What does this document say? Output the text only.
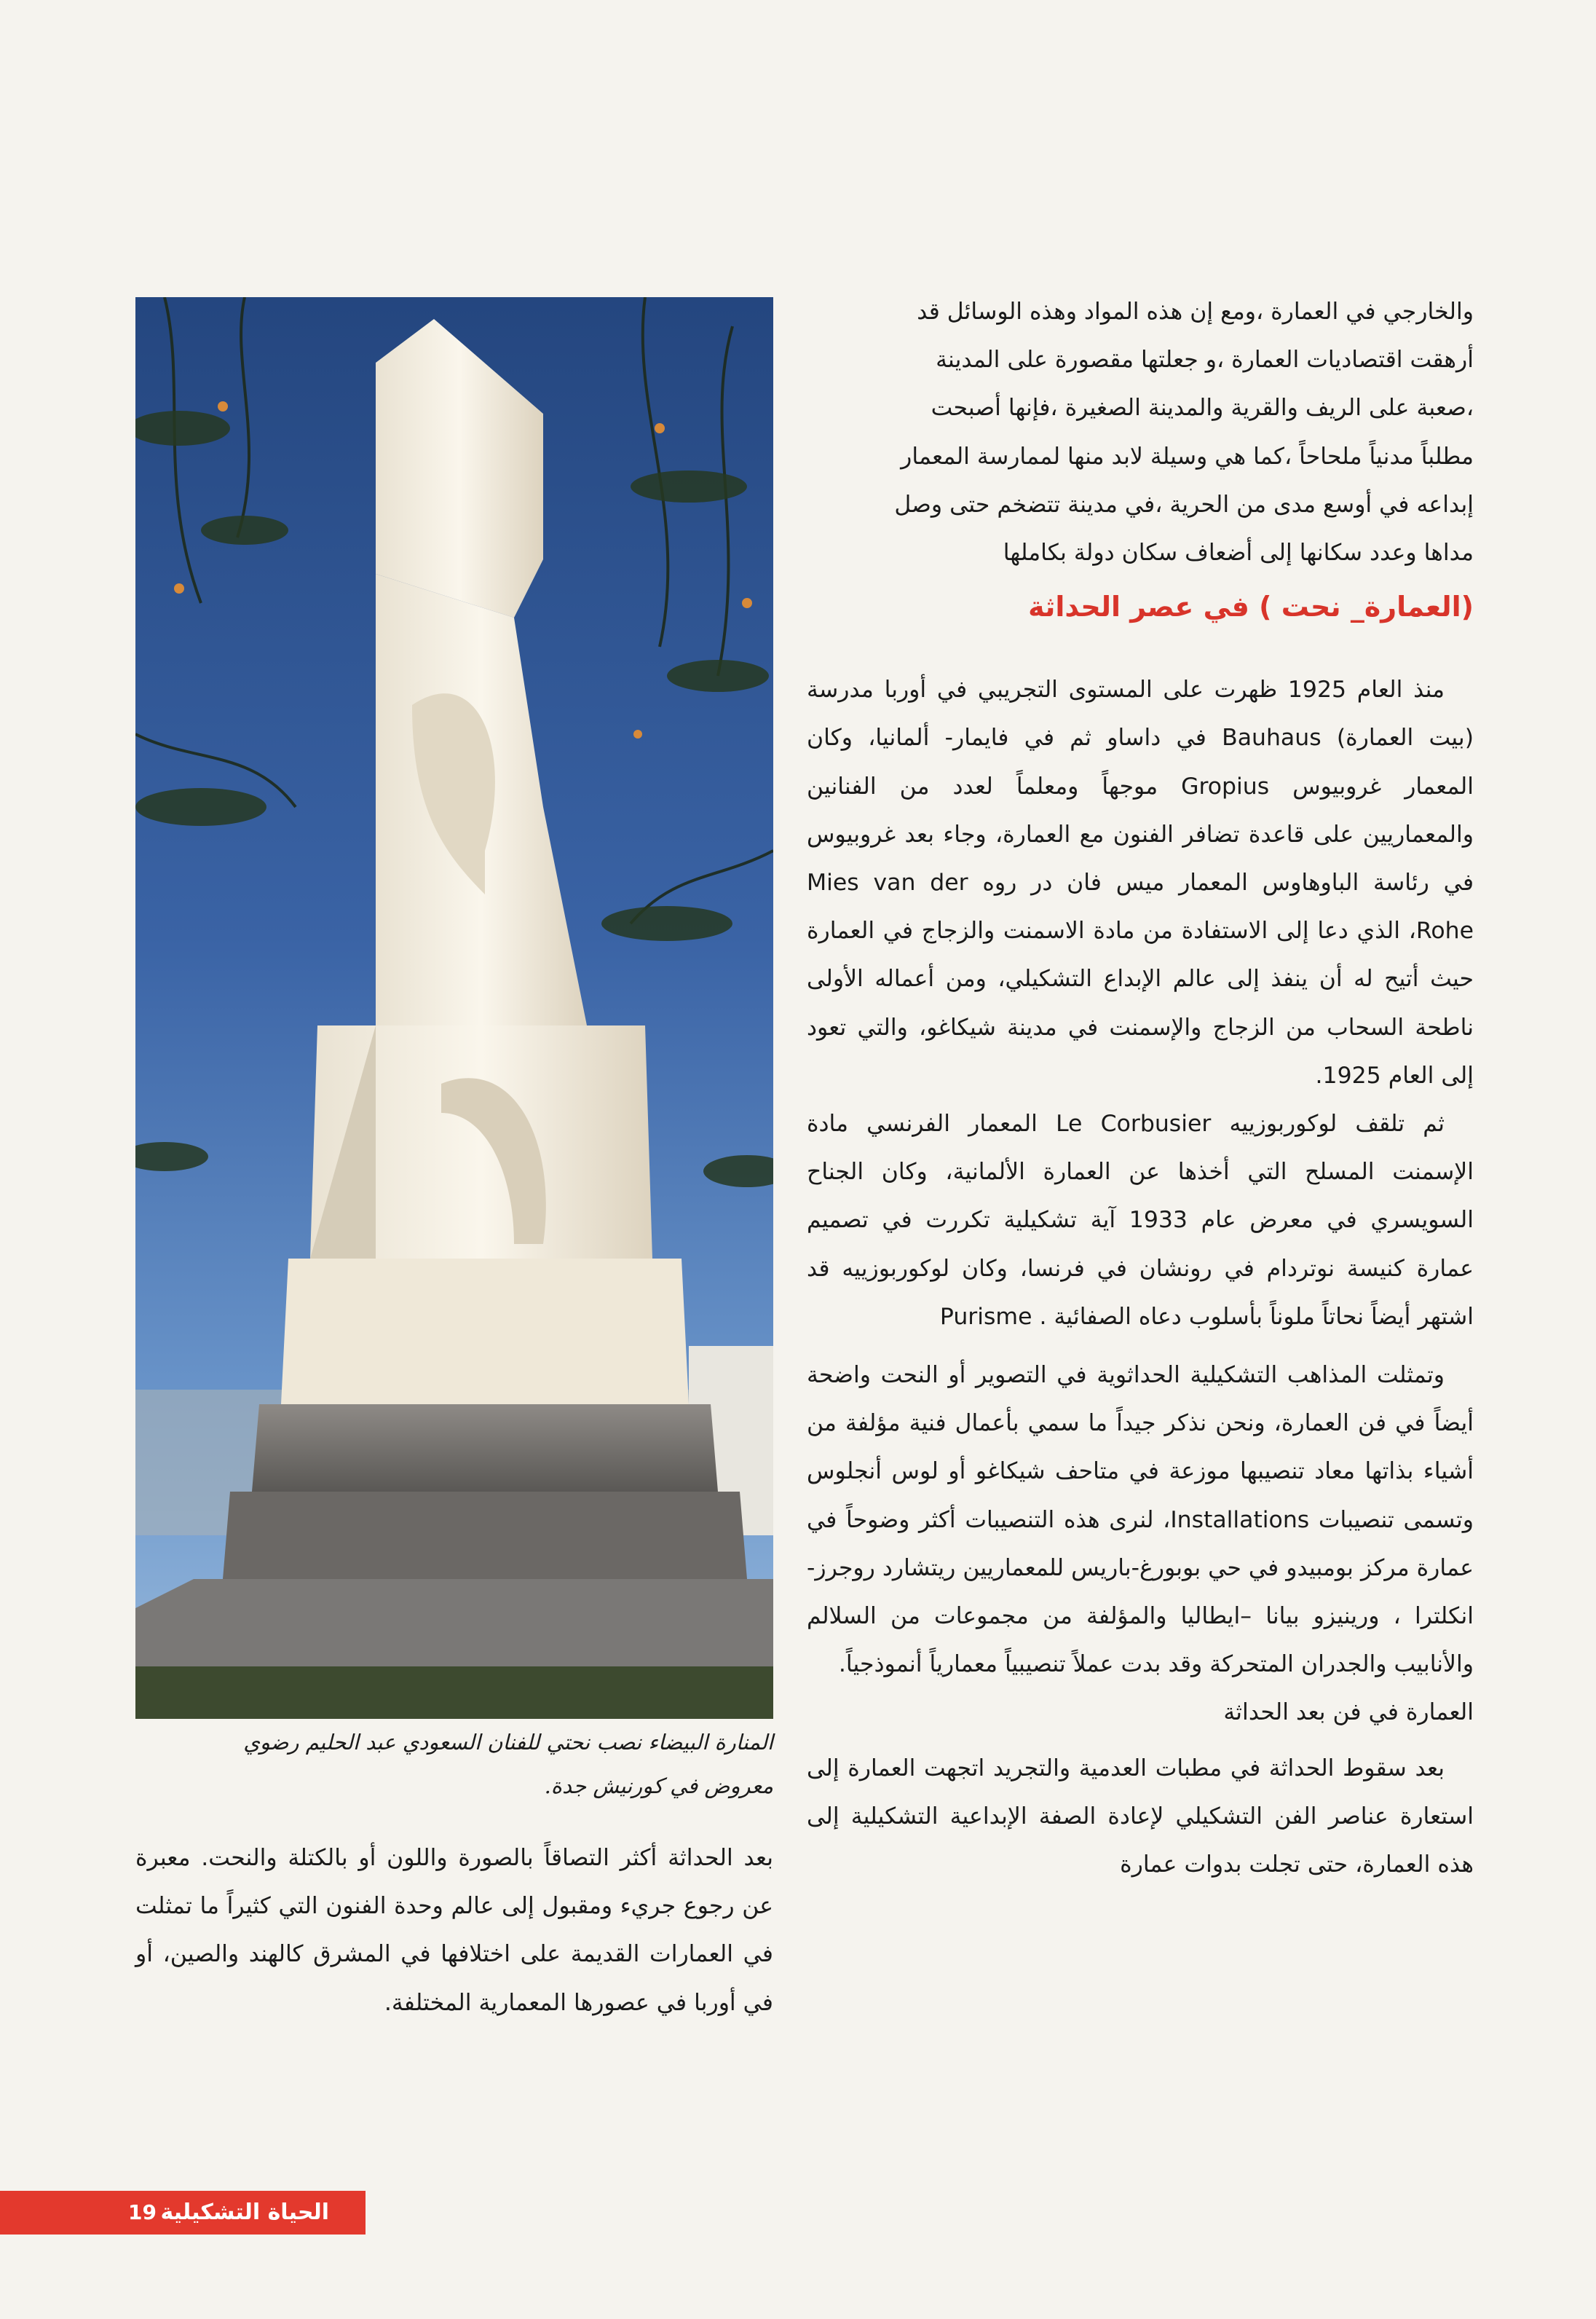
والخارجي في العمارة ،ومع إن هذه المواد وهذه الوسائل قد

أرهقت اقتصاديات العمارة ،و جعلتها مقصورة على المدينة

،صعبة على الريف والقرية والمدينة الصغيرة ،فإنها أصبحت

مطلباً مدنياً ملحاحاً ،كما هي وسيلة لابد منها لممارسة المعمار

إبداعه في أوسع مدى من الحرية ،في مدينة تتضخم حتى وصل

مداها وعدد سكانها إلى أضعاف سكان دولة بكاملها

(العمارة_ نحت ) في عصر الحداثة

منذ العام 1925 ظهرت على المستوى التجريبي في أوربا مدرسة (بيت العمارة) Bauhaus في داساو ثم في فايمار- ألمانيا، وكان المعمار غروبيوس Gropius موجهاً ومعلماً لعدد من الفنانين والمعماريين على قاعدة تضافر الفنون مع العمارة، وجاء بعد غروبيوس في رئاسة الباوهاوس المعمار ميس فان در روه Mies van der Rohe، الذي دعا إلى الاستفادة من مادة الاسمنت والزجاج في العمارة حيث أتيح له أن ينفذ إلى عالم الإبداع التشكيلي، ومن أعماله الأولى ناطحة السحاب من الزجاج والإسمنت في مدينة شيكاغو، والتي تعود إلى العام 1925.

ثم تلقف لوكوربوزييه Le Corbusier المعمار الفرنسي مادة الإسمنت المسلح التي أخذها عن العمارة الألمانية، وكان الجناح السويسري في معرض عام 1933 آية تشكيلية تكررت في تصميم عمارة كنيسة نوتردام في رونشان في فرنسا، وكان لوكوربوزييه قد اشتهر أيضاً نحاتاً ملوناً بأسلوب دعاه الصفائية . Purisme

وتمثلت المذاهب التشكيلية الحداثوية في التصوير أو النحت واضحة أيضاً في فن العمارة، ونحن نذكر جيداً ما سمي بأعمال فنية مؤلفة من أشياء بذاتها معاد تنصيبها موزعة في متاحف شيكاغو أو لوس أنجلوس وتسمى تنصيبات Installations، لنرى هذه التنصيبات أكثر وضوحاً في عمارة مركز بومبيدو في حي بوبورغ-باريس للمعماريين ريتشارد روجرز- انكلترا ، ورينيزو بيانا –ايطاليا والمؤلفة من مجموعات من السلالم والأنابيب والجدران المتحركة وقد بدت عملاً تنصيبياً معمارياً أنموذجياً.

العمارة في فن بعد الحداثة

بعد سقوط الحداثة في مطبات العدمية والتجريد اتجهت العمارة إلى استعارة عناصر الفن التشكيلي لإعادة الصفة الإبداعية التشكيلية إلى هذه العمارة، حتى تجلت بدوات عمارة

المنارة البيضاء نصب نحتي للفنان السعودي عبد الحليم رضوي
معروض في كورنيش جدة.

بعد الحداثة أكثر التصاقاً بالصورة واللون أو بالكتلة والنحت. معبرة عن رجوع جريء ومقبول إلى عالم وحدة الفنون التي كثيراً ما تمثلت في العمارات القديمة على اختلافها في المشرق كالهند والصين، أو في أوربا في عصورها المعمارية المختلفة.

الحياة التشكيلية
19
